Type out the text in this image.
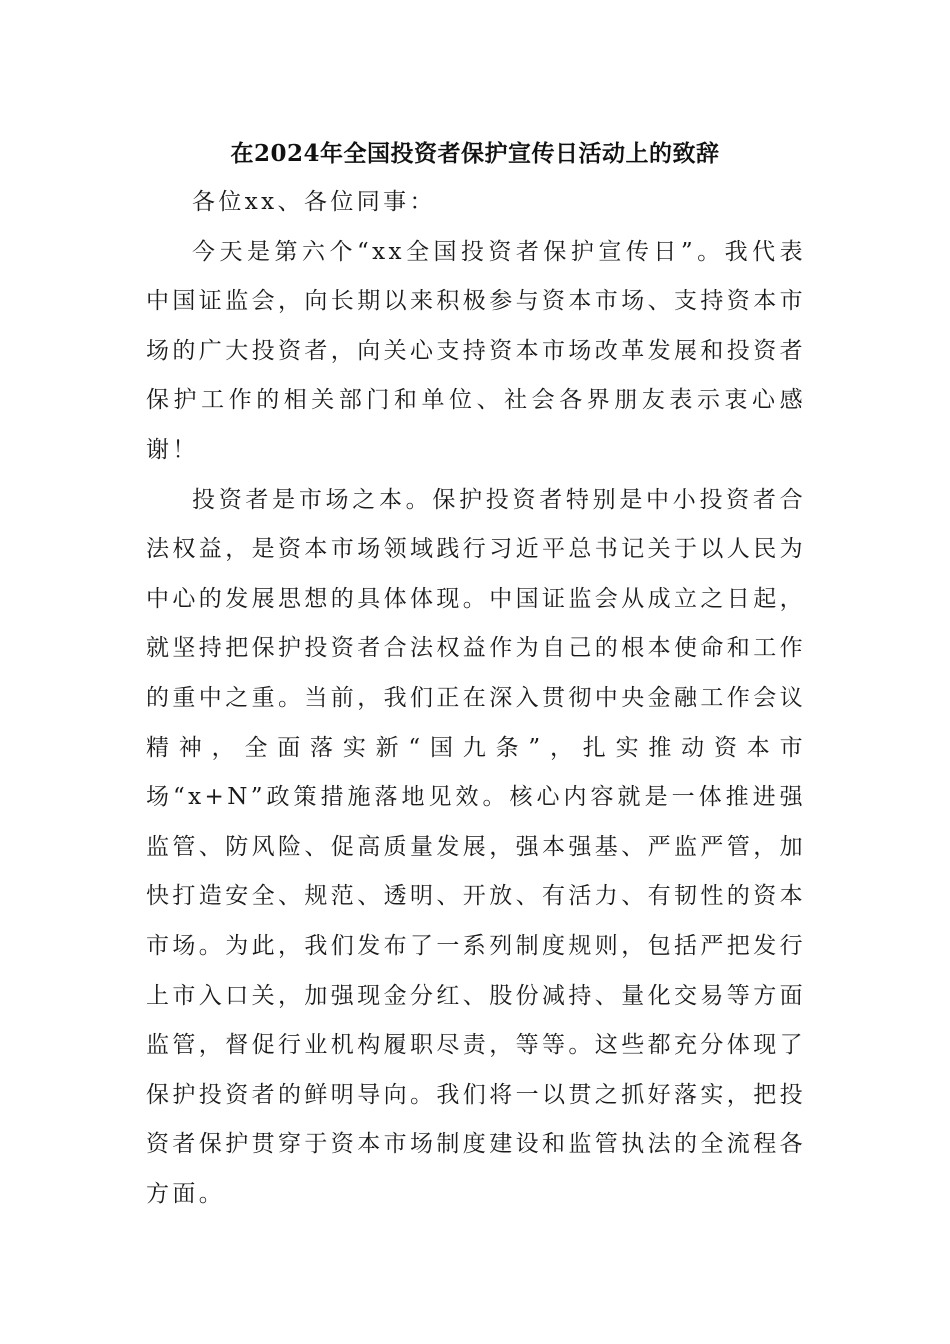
在2024年全国投资者保护宣传日活动上的致辞

各位xx、各位同事：

今天是第六个“xx全国投资者保护宣传日”。我代表中国证监会，向长期以来积极参与资本市场、支持资本市场的广大投资者，向关心支持资本市场改革发展和投资者保护工作的相关部门和单位、社会各界朋友表示衷心感谢！

投资者是市场之本。保护投资者特别是中小投资者合法权益，是资本市场领域践行习近平总书记关于以人民为中心的发展思想的具体体现。中国证监会从成立之日起，就坚持把保护投资者合法权益作为自己的根本使命和工作的重中之重。当前，我们正在深入贯彻中央金融工作会议精神，全面落实新“国九条”，扎实推动资本市场“x+N”政策措施落地见效。核心内容就是一体推进强监管、防风险、促高质量发展，强本强基、严监严管，加快打造安全、规范、透明、开放、有活力、有韧性的资本市场。为此，我们发布了一系列制度规则，包括严把发行上市入口关，加强现金分红、股份减持、量化交易等方面监管，督促行业机构履职尽责，等等。这些都充分体现了保护投资者的鲜明导向。我们将一以贯之抓好落实，把投资者保护贯穿于资本市场制度建设和监管执法的全流程各方面。
